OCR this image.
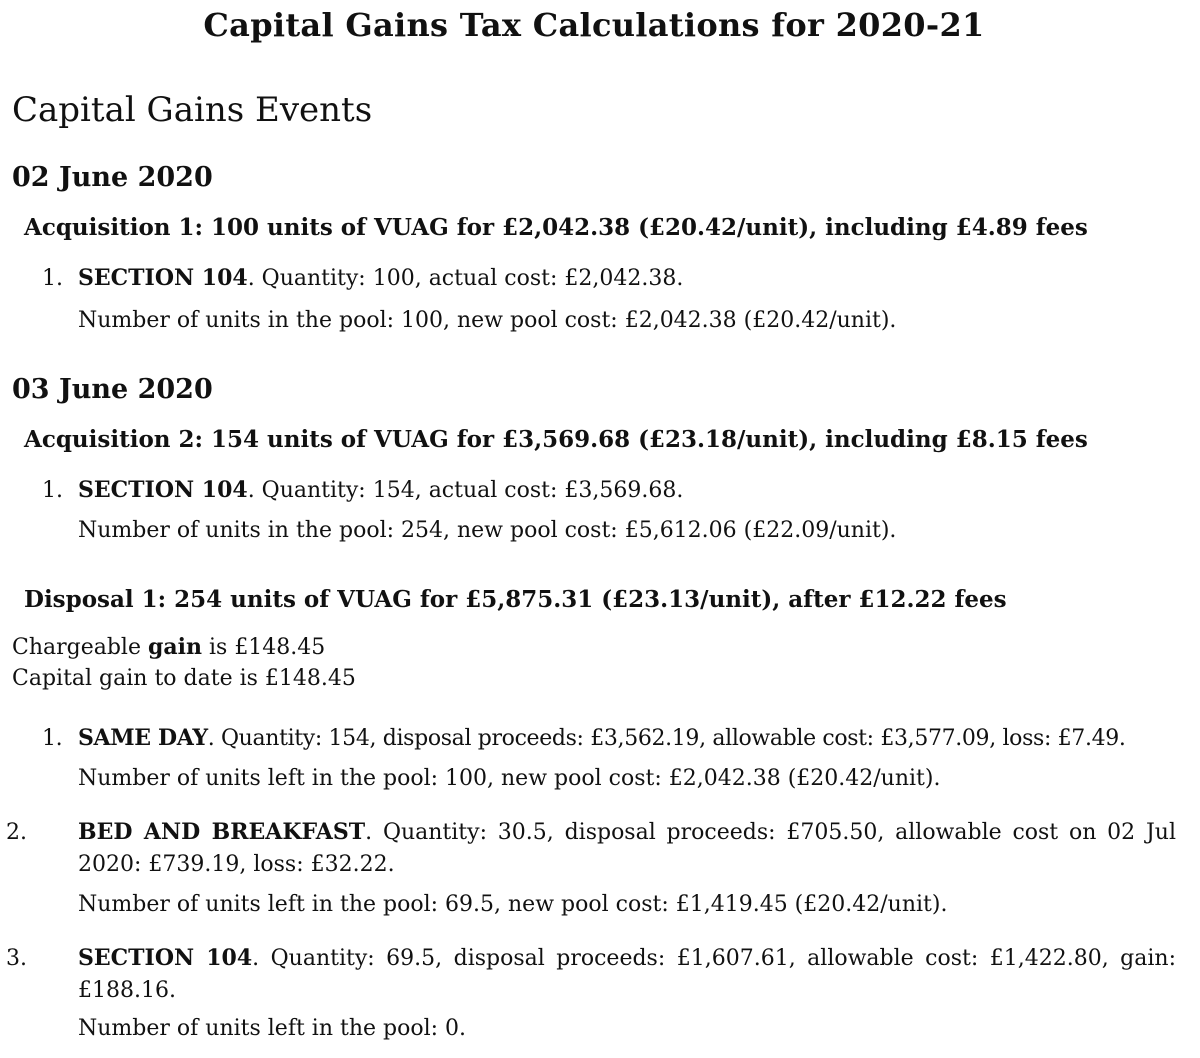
Capital Gains Tax Calculations for 2020-21
Capital Gains Events
02 June 2020
Acquisition 1: 100 units of VUAG for £2,042.38 (£20.42/unit), including £4.89 fees
1. SECTION 104. Quantity: 100, actual cost: £2,042.38.
Number of units in the pool: 100, new pool cost: £2,042.38 (£20.42/unit).
03 June 2020
Acquisition 2: 154 units of VUAG for £3,569.68 (£23.18/unit), including £8.15 fees
1. SECTION 104. Quantity: 154, actual cost: £3,569.68.
Number of units in the pool: 254, new pool cost: £5,612.06 (£22.09/unit).
Disposal 1: 254 units of VUAG for £5,875.31 (£23.13/unit), after £12.22 fees
Chargeable gain is £148.45
Capital gain to date is £148.45
1. SAME DAY. Quantity: 154, disposal proceeds: £3,562.19, allowable cost: £3,577.09, loss: £7.49.
Number of units left in the pool: 100, new pool cost: £2,042.38 (£20.42/unit).
2. BED AND BREAKFAST. Quantity: 30.5, disposal proceeds: £705.50, allowable cost on 02 Jul 2020: £739.19, loss: £32.22.
Number of units left in the pool: 69.5, new pool cost: £1,419.45 (£20.42/unit).
3. SECTION 104. Quantity: 69.5, disposal proceeds: £1,607.61, allowable cost: £1,422.80, gain: £188.16.
Number of units left in the pool: 0.
